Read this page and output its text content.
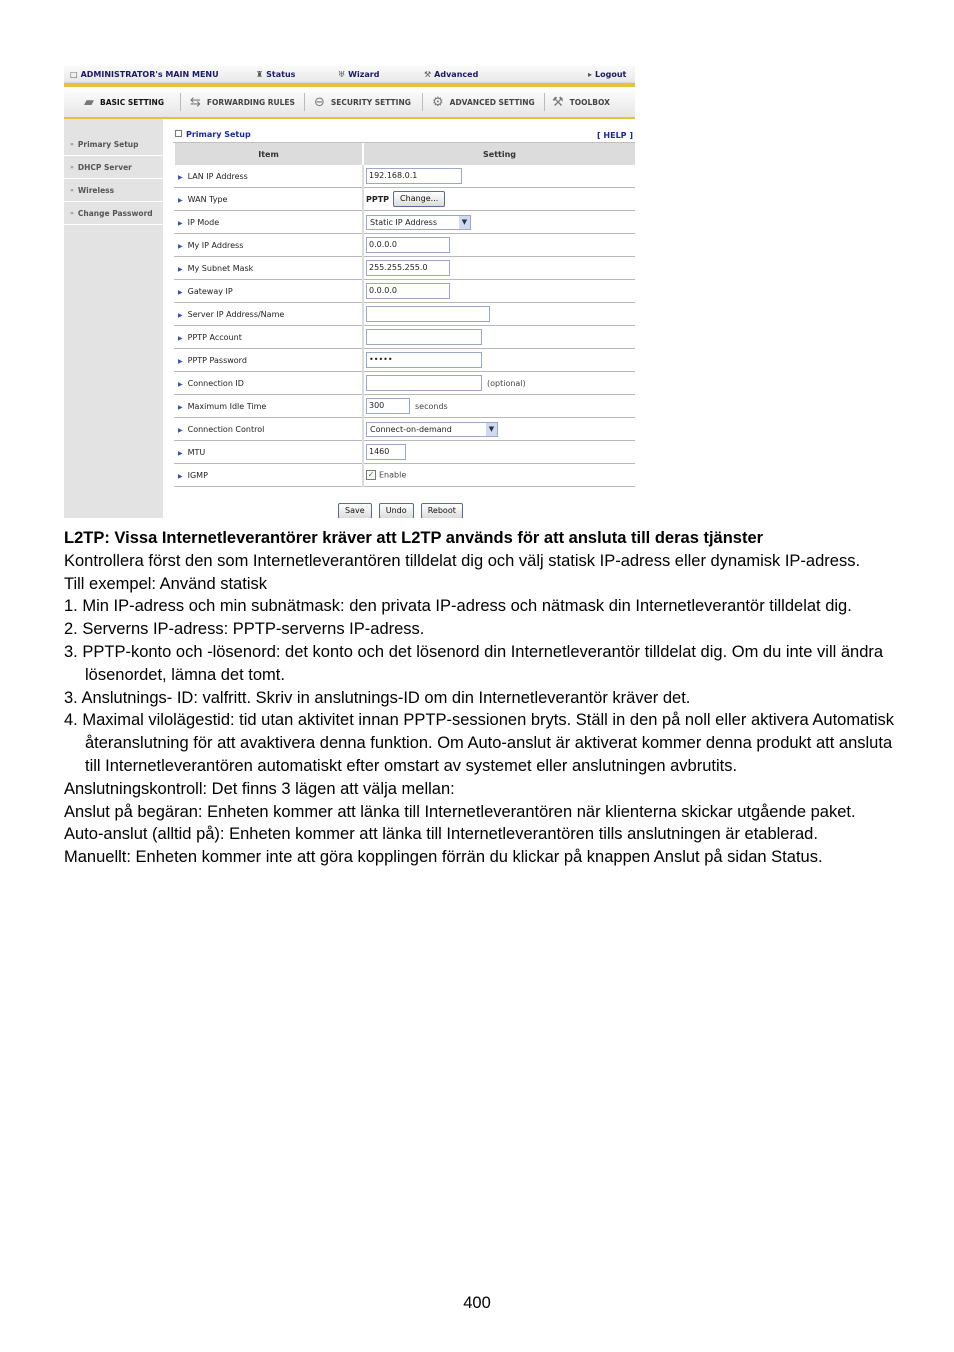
□ ADMINISTRATOR's MAIN MENU	♜ Status	♅ Wizard	⚒ Advanced	▸ Logout
▰ BASIC SETTING ⇆ FORWARDING RULES ⊖ SECURITY SETTING ⚙ ADVANCED SETTING ⚒ TOOLBOX
» Primary Setup
» DHCP Server
» Wireless
» Change Password
Primary Setup	[ HELP ]
Item	Setting
▶ LAN IP Address	192.168.0.1
▶ WAN Type	PPTP Change...
▶ IP Mode	Static IP Address ▼

▶ My IP Address	0.0.0.0
▶ My Subnet Mask	255.255.255.0
▶ Gateway IP	0.0.0.0
▶ Server IP Address/Name	
▶ PPTP Account	
▶ PPTP Password	•••••
▶ Connection ID	(optional)
▶ Maximum Idle Time	300 seconds
▶ Connection Control	Connect-on-demand ▼

▶ MTU	1460
▶ IGMP	✓ Enable
Save	Undo	Reboot

L2TP: Vissa Internetleverantörer kräver att L2TP används för att ansluta till deras tjänster

Kontrollera först den som Internetleverantören tilldelat dig och välj statisk IP-adress eller dynamisk IP-adress.

Till exempel: Använd statisk

1. Min IP-adress och min subnätmask: den privata IP-adress och nätmask din Internetleverantör tilldelat dig.

2. Serverns IP-adress: PPTP-serverns IP-adress.

3. PPTP-konto och -lösenord: det konto och det lösenord din Internetleverantör tilldelat dig. Om du inte vill ändra lösenordet, lämna det tomt.

3. Anslutnings- ID: valfritt. Skriv in anslutnings-ID om din Internetleverantör kräver det.

4. Maximal vilolägestid: tid utan aktivitet innan PPTP-sessionen bryts. Ställ in den på noll eller aktivera Automatisk återanslutning för att avaktivera denna funktion. Om Auto-anslut är aktiverat kommer denna produkt att ansluta till Internetleverantören automatiskt efter omstart av systemet eller anslutningen avbrutits.

Anslutningskontroll: Det finns 3 lägen att välja mellan:

Anslut på begäran: Enheten kommer att länka till Internetleverantören när klienterna skickar utgående paket.

Auto-anslut (alltid på): Enheten kommer att länka till Internetleverantören tills anslutningen är etablerad.

Manuellt: Enheten kommer inte att göra kopplingen förrän du klickar på knappen Anslut på sidan Status.

400
